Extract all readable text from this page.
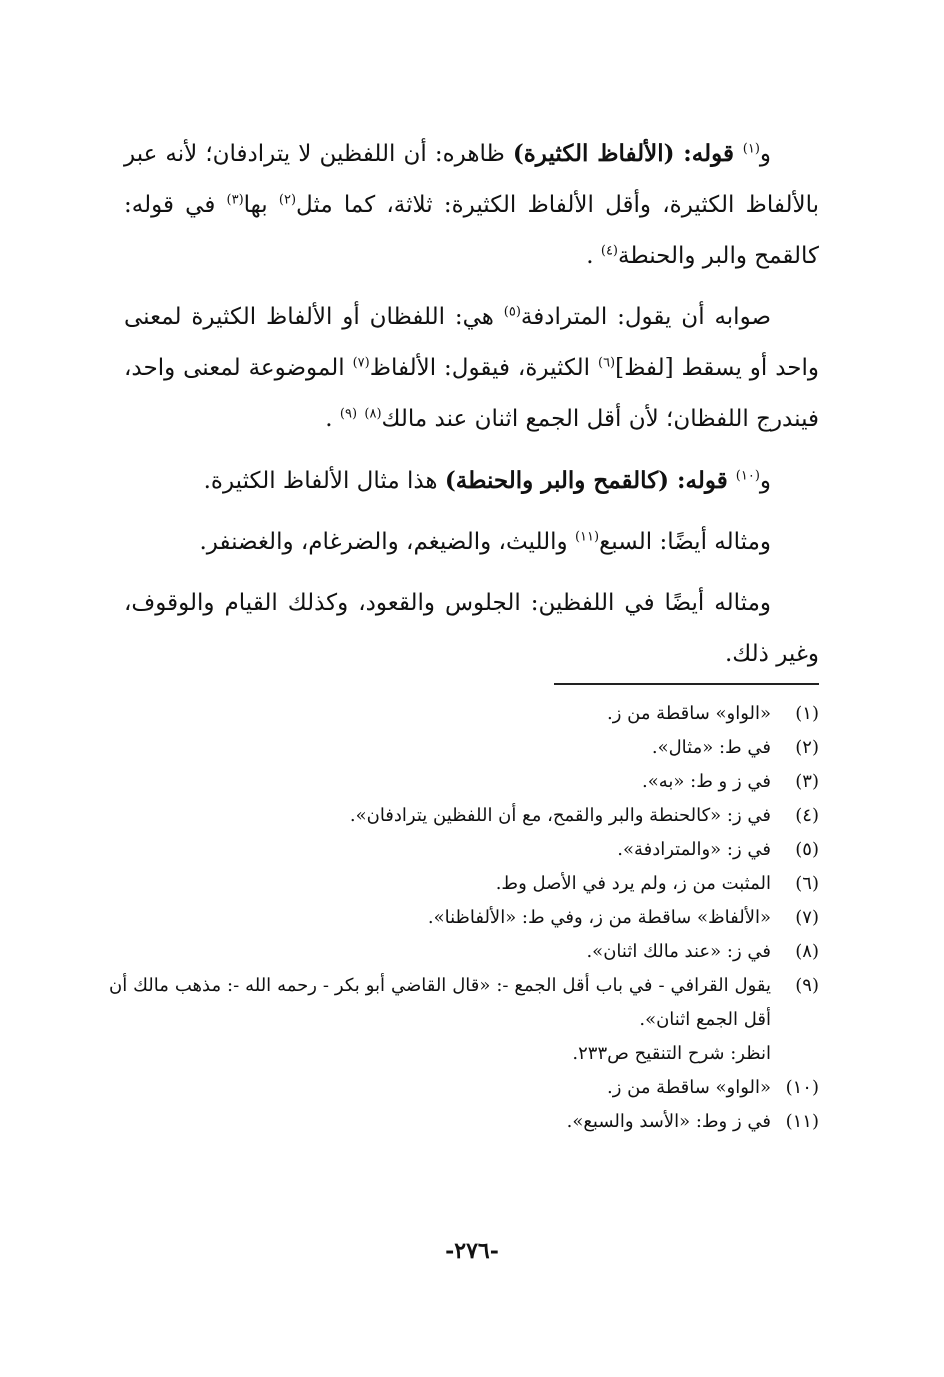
و$^{(١)}$ قوله: (الألفاظ الكثيرة) ظاهره: أن اللفظين لا يترادفان؛ لأنه عبر بالألفاظ الكثيرة، وأقل الألفاظ الكثيرة: ثلاثة، كما مثل$^{(٢)}$ بها$^{(٣)}$ في قوله: كالقمح والبر والحنطة$^{(٤)}$ .

صوابه أن يقول: المترادفة$^{(٥)}$ هي: اللفظان أو الألفاظ الكثيرة لمعنى واحد أو يسقط [لفظ]$^{(٦)}$ الكثيرة، فيقول: الألفاظ$^{(٧)}$ الموضوعة لمعنى واحد، فيندرج اللفظان؛ لأن أقل الجمع اثنان عند مالك$^{(٨)}$ $^{(٩)}$ .

و$^{(١٠)}$ قوله: (كالقمح والبر والحنطة) هذا مثال الألفاظ الكثيرة.

ومثاله أيضًا: السبع$^{(١١)}$ والليث، والضيغم، والضرغام، والغضنفر.

ومثاله أيضًا في اللفظين: الجلوس والقعود، وكذلك القيام والوقوف، وغير ذلك.

(١)
«الواو» ساقطة من ز.
(٢)
في ط: «مثال».
(٣)
في ز و ط: «به».
(٤)
في ز: «كالحنطة والبر والقمح، مع أن اللفظين يترادفان».
(٥)
في ز: «والمترادفة».
(٦)
المثبت من ز، ولم يرد في الأصل وط.
(٧)
«الألفاظ» ساقطة من ز، وفي ط: «الألفاظنا».
(٨)
في ز: «عند مالك اثنان».
(٩)
يقول القرافي - في باب أقل الجمع -: «قال القاضي أبو بكر - رحمه الله -: مذهب مالك أن أقل الجمع اثنان».
انظر: شرح التنقيح ص٢٣٣.
(١٠)
«الواو» ساقطة من ز.
(١١)
في ز وط: «الأسد والسبع».
-٢٧٦-
